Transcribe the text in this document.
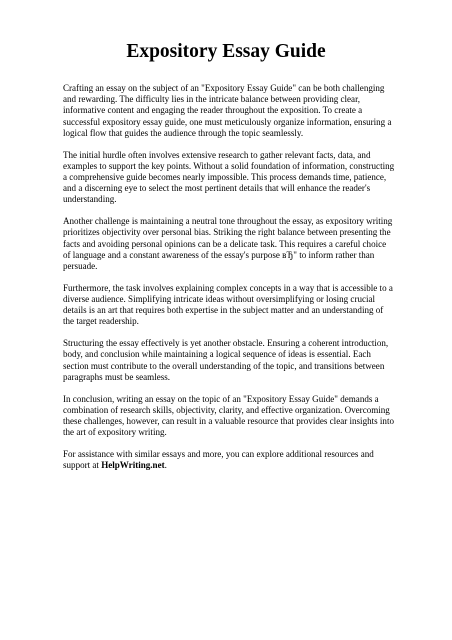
Expository Essay Guide

Crafting an essay on the subject of an "Expository Essay Guide" can be both challenging and rewarding. The difficulty lies in the intricate balance between providing clear, informative content and engaging the reader throughout the exposition. To create a successful expository essay guide, one must meticulously organize information, ensuring a logical flow that guides the audience through the topic seamlessly.

The initial hurdle often involves extensive research to gather relevant facts, data, and examples to support the key points. Without a solid foundation of information, constructing a comprehensive guide becomes nearly impossible. This process demands time, patience, and a discerning eye to select the most pertinent details that will enhance the reader's understanding.

Another challenge is maintaining a neutral tone throughout the essay, as expository writing prioritizes objectivity over personal bias. Striking the right balance between presenting the facts and avoiding personal opinions can be a delicate task. This requires a careful choice of language and a constant awareness of the essay's purpose вЂ" to inform rather than persuade.

Furthermore, the task involves explaining complex concepts in a way that is accessible to a diverse audience. Simplifying intricate ideas without oversimplifying or losing crucial details is an art that requires both expertise in the subject matter and an understanding of the target readership.

Structuring the essay effectively is yet another obstacle. Ensuring a coherent introduction, body, and conclusion while maintaining a logical sequence of ideas is essential. Each section must contribute to the overall understanding of the topic, and transitions between paragraphs must be seamless.

In conclusion, writing an essay on the topic of an "Expository Essay Guide" demands a combination of research skills, objectivity, clarity, and effective organization. Overcoming these challenges, however, can result in a valuable resource that provides clear insights into the art of expository writing.

For assistance with similar essays and more, you can explore additional resources and support at HelpWriting.net.
